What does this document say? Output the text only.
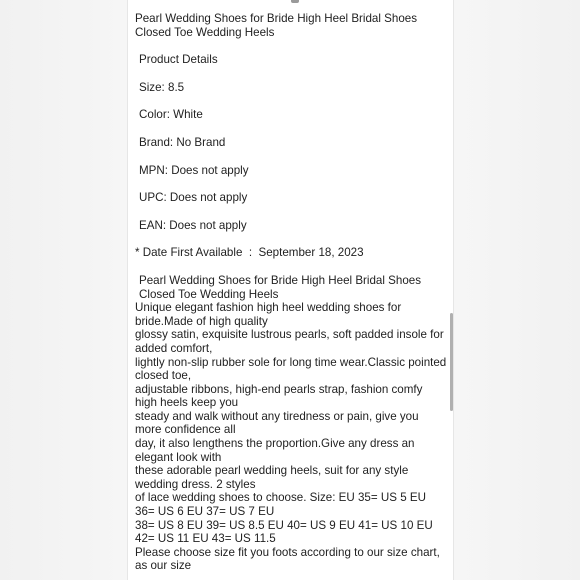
Pearl Wedding Shoes for Bride High Heel Bridal Shoes
Closed Toe Wedding Heels

Product Details

Size: 8.5

Color: White

Brand: No Brand

MPN: Does not apply

UPC: Does not apply

EAN: Does not apply

* Date First Available  :  September 18, 2023

Pearl Wedding Shoes for Bride High Heel Bridal Shoes
Closed Toe Wedding Heels

Unique elegant fashion high heel wedding shoes for bride.Made of high quality

glossy satin, exquisite lustrous pearls, soft padded insole for added comfort,

lightly non-slip rubber sole for long time wear.Classic pointed closed toe,

adjustable ribbons, high-end pearls strap, fashion comfy high heels keep you

steady and walk without any tiredness or pain, give you more confidence all

day, it also lengthens the proportion.Give any dress an elegant look with

these adorable pearl wedding heels, suit for any style wedding dress. 2 styles

of lace wedding shoes to choose. Size: EU 35= US 5 EU 36= US 6 EU 37= US 7 EU

38= US 8 EU 39= US 8.5 EU 40= US 9 EU 41= US 10 EU 42= US 11 EU 43= US 11.5

Please choose size fit you foots according to our size chart, as our size
